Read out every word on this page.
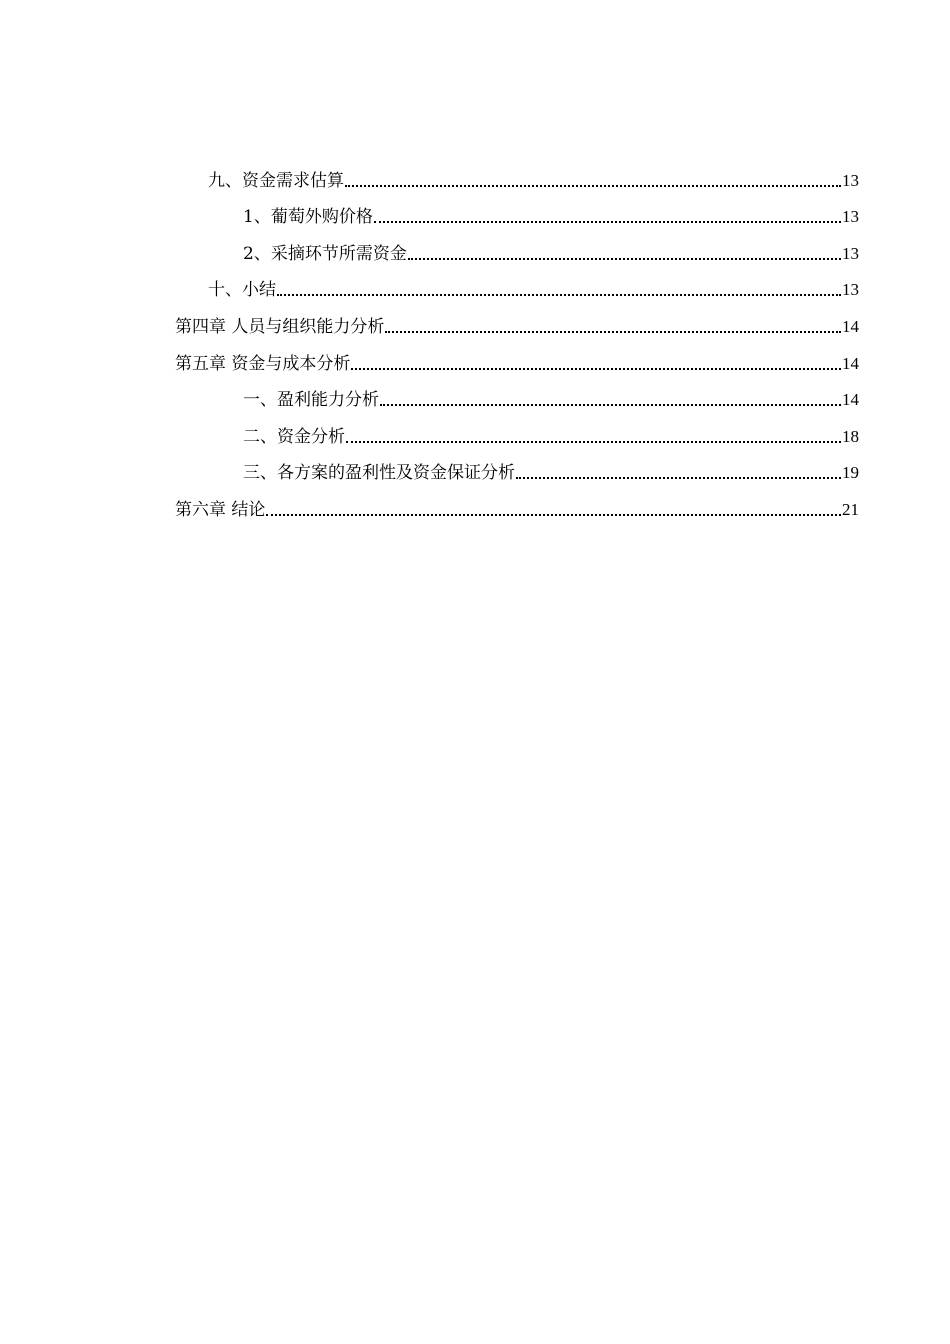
九、资金需求估算	13
1、葡萄外购价格	13
2、采摘环节所需资金	13
十、小结	13
第四章 人员与组织能力分析	14
第五章 资金与成本分析	14
一、盈利能力分析	14
二、资金分析	18
三、各方案的盈利性及资金保证分析	19
第六章 结论	21
